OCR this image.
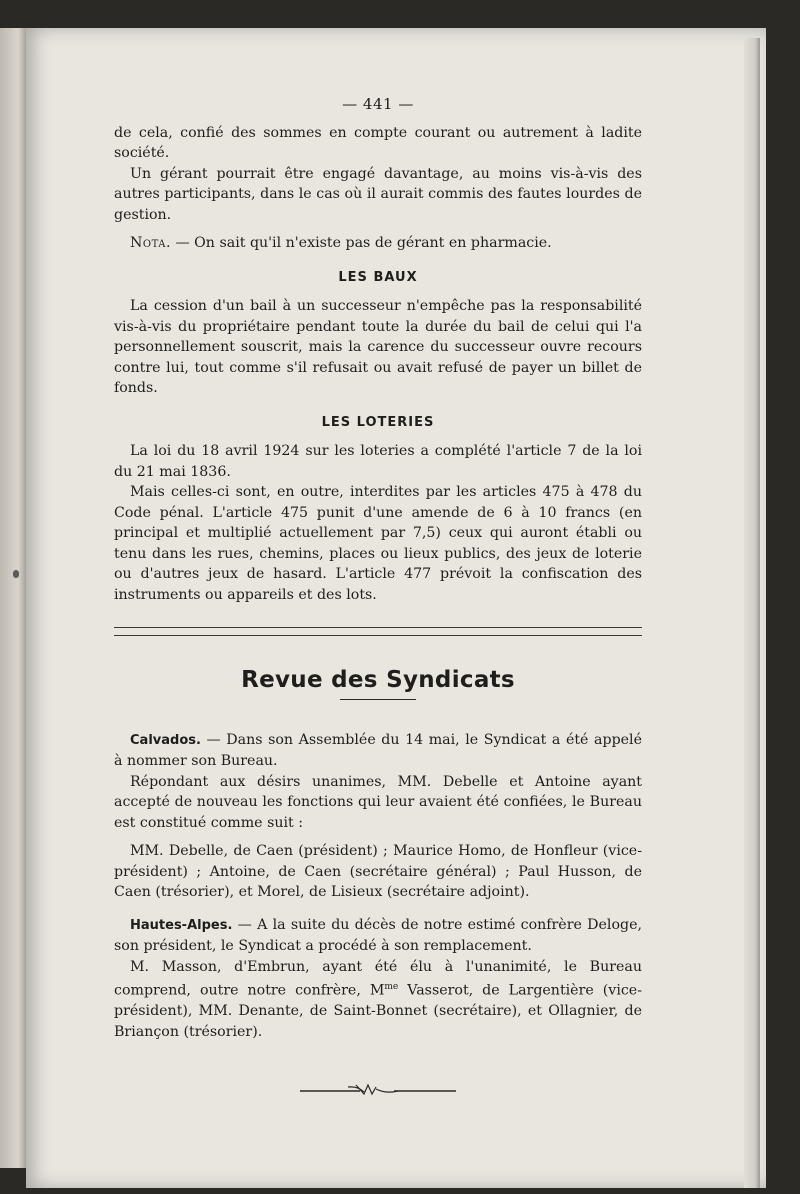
— 441 —

de cela, confié des sommes en compte courant ou autrement à ladite société.

Un gérant pourrait être engagé davantage, au moins vis-à-vis des autres participants, dans le cas où il aurait commis des fautes lourdes de gestion.

Nota. — On sait qu'il n'existe pas de gérant en pharmacie.

LES BAUX

La cession d'un bail à un successeur n'empêche pas la responsabilité vis-à-vis du propriétaire pendant toute la durée du bail de celui qui l'a personnellement souscrit, mais la carence du successeur ouvre recours contre lui, tout comme s'il refusait ou avait refusé de payer un billet de fonds.

LES LOTERIES

La loi du 18 avril 1924 sur les loteries a complété l'article 7 de la loi du 21 mai 1836.

Mais celles-ci sont, en outre, interdites par les articles 475 à 478 du Code pénal. L'article 475 punit d'une amende de 6 à 10 francs (en principal et multiplié actuellement par 7,5) ceux qui auront établi ou tenu dans les rues, chemins, places ou lieux publics, des jeux de loterie ou d'autres jeux de hasard. L'article 477 prévoit la confiscation des instruments ou appareils et des lots.

Revue des Syndicats

Calvados. — Dans son Assemblée du 14 mai, le Syndicat a été appelé à nommer son Bureau.

Répondant aux désirs unanimes, MM. Debelle et Antoine ayant accepté de nouveau les fonctions qui leur avaient été confiées, le Bureau est constitué comme suit :

MM. Debelle, de Caen (président) ; Maurice Homo, de Honfleur (vice-président) ; Antoine, de Caen (secrétaire général) ; Paul Husson, de Caen (trésorier), et Morel, de Lisieux (secrétaire adjoint).

Hautes-Alpes. — A la suite du décès de notre estimé confrère Deloge, son président, le Syndicat a procédé à son remplacement.

M. Masson, d'Embrun, ayant été élu à l'unanimité, le Bureau comprend, outre notre confrère, $M^{me}$ Vasserot, de Largentière (vice-président), MM. Denante, de Saint-Bonnet (secrétaire), et Ollagnier, de Briançon (trésorier).
